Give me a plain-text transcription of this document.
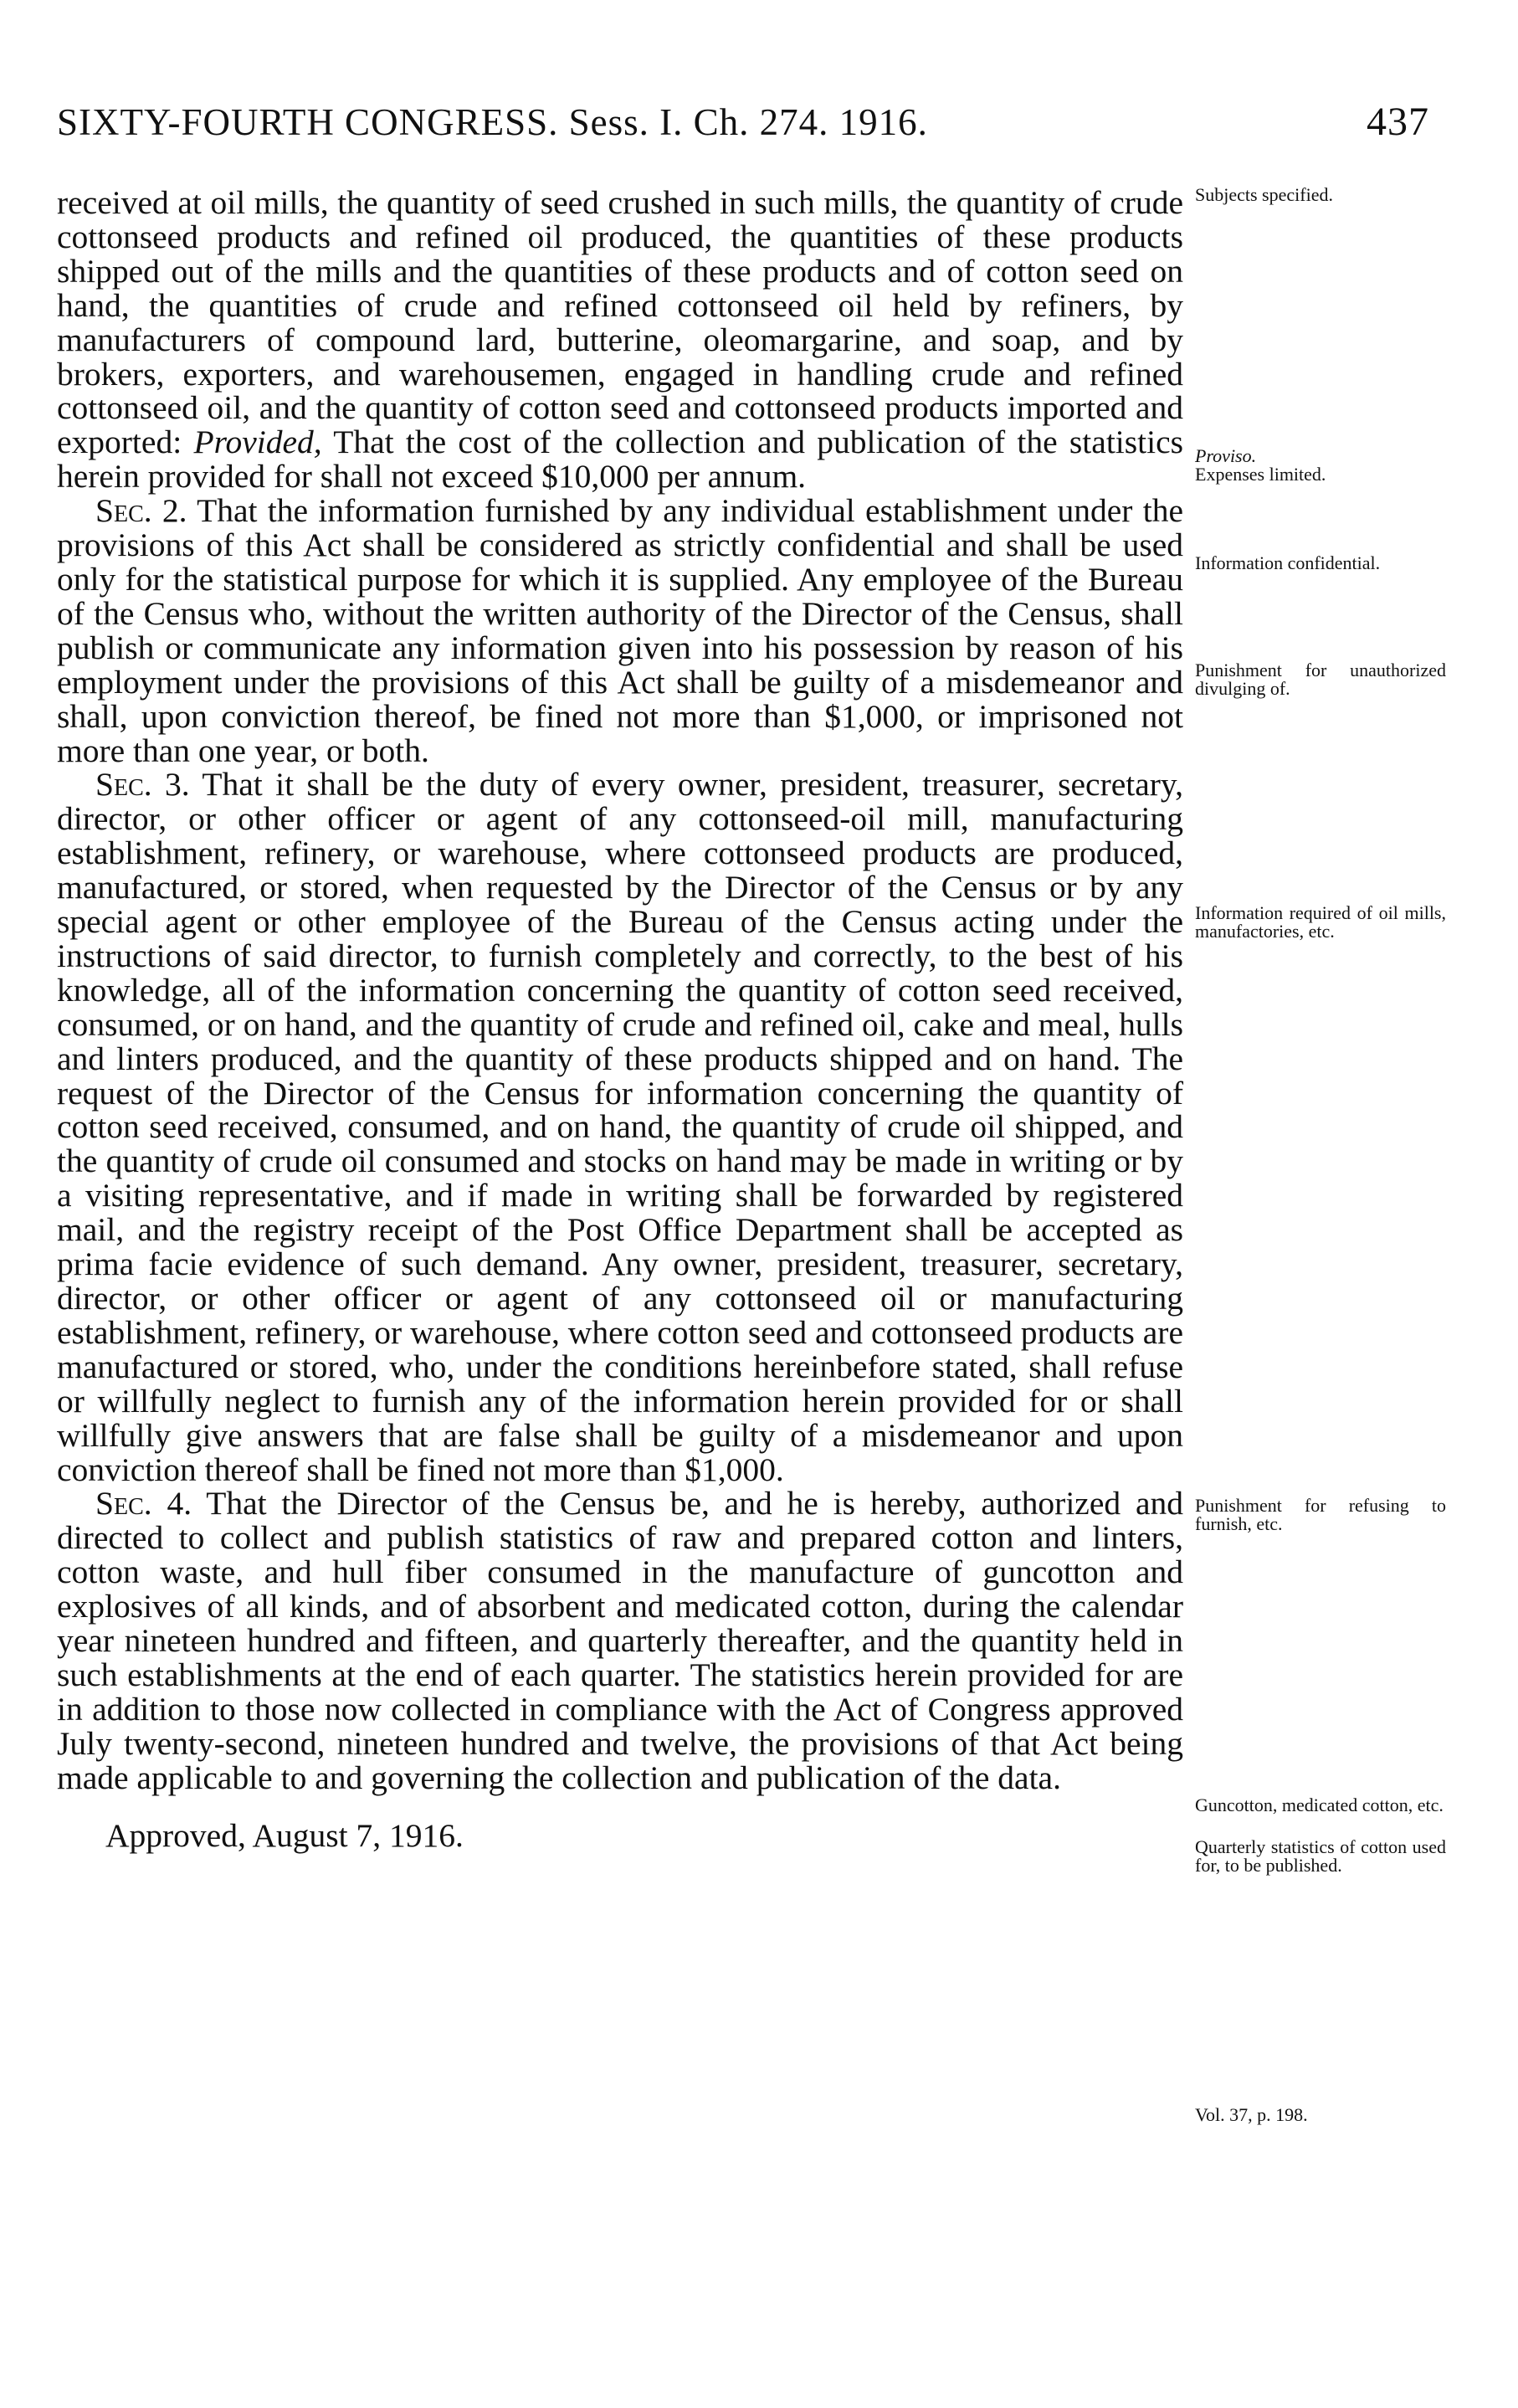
SIXTY-FOURTH CONGRESS. Sess. I. Ch. 274. 1916.	437

received at oil mills, the quantity of seed crushed in such mills, the quantity of crude cottonseed products and refined oil produced, the quantities of these products shipped out of the mills and the quantities of these products and of cotton seed on hand, the quantities of crude and refined cottonseed oil held by refiners, by manufacturers of compound lard, butterine, oleomargarine, and soap, and by brokers, exporters, and warehousemen, engaged in handling crude and refined cottonseed oil, and the quantity of cotton seed and cottonseed products imported and exported: Provided, That the cost of the collection and publication of the statistics herein provided for shall not exceed $10,000 per annum.

Sec. 2. That the information furnished by any individual establishment under the provisions of this Act shall be considered as strictly confidential and shall be used only for the statistical purpose for which it is supplied. Any employee of the Bureau of the Census who, without the written authority of the Director of the Census, shall publish or communicate any information given into his possession by reason of his employment under the provisions of this Act shall be guilty of a misdemeanor and shall, upon conviction thereof, be fined not more than $1,000, or imprisoned not more than one year, or both.

Sec. 3. That it shall be the duty of every owner, president, treasurer, secretary, director, or other officer or agent of any cottonseed-oil mill, manufacturing establishment, refinery, or warehouse, where cottonseed products are produced, manufactured, or stored, when requested by the Director of the Census or by any special agent or other employee of the Bureau of the Census acting under the instructions of said director, to furnish completely and correctly, to the best of his knowledge, all of the information concerning the quantity of cotton seed received, consumed, or on hand, and the quantity of crude and refined oil, cake and meal, hulls and linters produced, and the quantity of these products shipped and on hand. The request of the Director of the Census for information concerning the quantity of cotton seed received, consumed, and on hand, the quantity of crude oil shipped, and the quantity of crude oil consumed and stocks on hand may be made in writing or by a visiting representative, and if made in writing shall be forwarded by registered mail, and the registry receipt of the Post Office Department shall be accepted as prima facie evidence of such demand. Any owner, president, treasurer, secretary, director, or other officer or agent of any cottonseed oil or manufacturing establishment, refinery, or warehouse, where cotton seed and cottonseed products are manufactured or stored, who, under the conditions hereinbefore stated, shall refuse or willfully neglect to furnish any of the information herein provided for or shall willfully give answers that are false shall be guilty of a misdemeanor and upon conviction thereof shall be fined not more than $1,000.

Sec. 4. That the Director of the Census be, and he is hereby, authorized and directed to collect and publish statistics of raw and prepared cotton and linters, cotton waste, and hull fiber consumed in the manufacture of guncotton and explosives of all kinds, and of absorbent and medicated cotton, during the calendar year nineteen hundred and fifteen, and quarterly thereafter, and the quantity held in such establishments at the end of each quarter. The statistics herein provided for are in addition to those now collected in compliance with the Act of Congress approved July twenty-second, nineteen hundred and twelve, the provisions of that Act being made applicable to and governing the collection and publication of the data.

Approved, August 7, 1916.

Subjects specified.

Proviso.

Expenses limited.

Information confidential.

Punishment for unauthorized divulging of.

Information required of oil mills, manufactories, etc.

Punishment for refusing to furnish, etc.

Guncotton, medicated cotton, etc.

Quarterly statistics of cotton used for, to be published.

Vol. 37, p. 198.
